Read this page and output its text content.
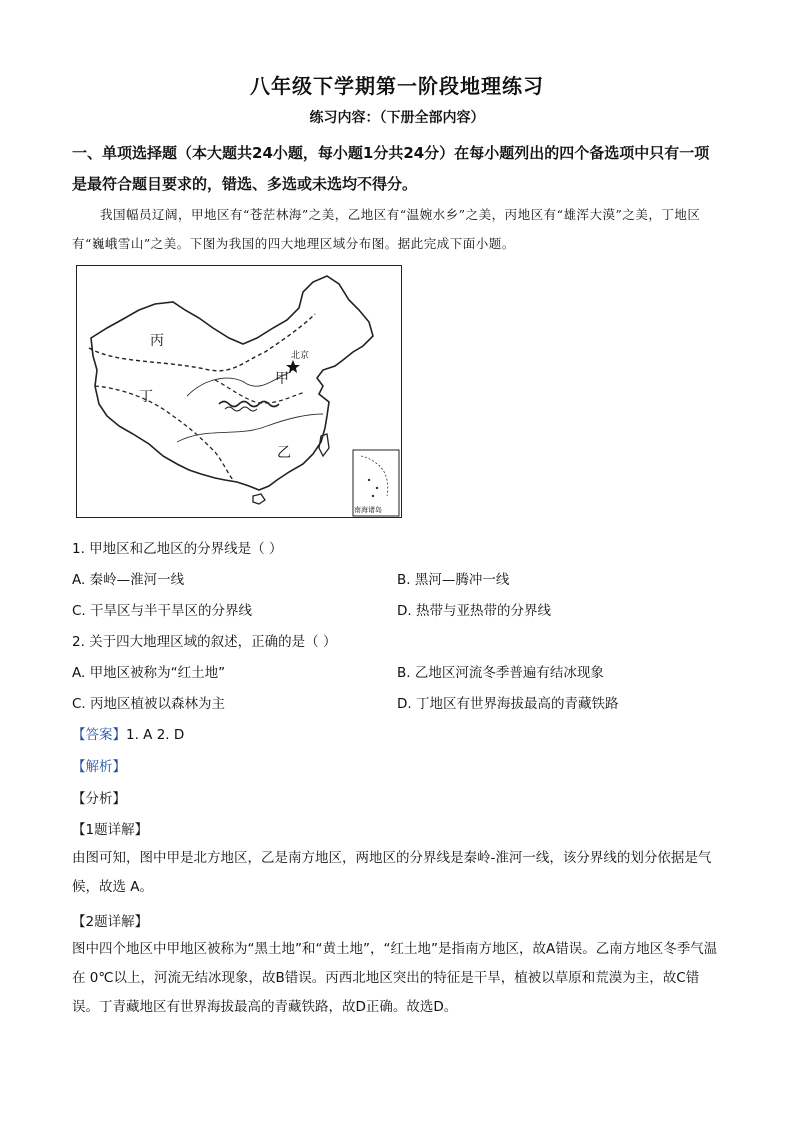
八年级下学期第一阶段地理练习
练习内容：（下册全部内容）
一、单项选择题（本大题共24小题，每小题1分共24分）在每小题列出的四个备选项中只有一项是最符合题目要求的，错选、多选或未选均不得分。
我国幅员辽阔，甲地区有“苍茫林海”之美，乙地区有“温婉水乡”之美，丙地区有“雄浑大漠”之美，丁地区有“巍峨雪山”之美。下图为我国的四大地理区域分布图。据此完成下面小题。
丙
丁
甲
乙
北京
南海诸岛
1. 甲地区和乙地区的分界线是（ ）
A. 秦岭—淮河一线	B. 黑河—腾冲一线
C. 干旱区与半干旱区的分界线	D. 热带与亚热带的分界线
2. 关于四大地理区域的叙述，正确的是（ ）
A. 甲地区被称为“红土地”	B. 乙地区河流冬季普遍有结冰现象
C. 丙地区植被以森林为主	D. 丁地区有世界海拔最高的青藏铁路
【答案】1. A 2. D
【解析】
【分析】
【1题详解】
由图可知，图中甲是北方地区，乙是南方地区，两地区的分界线是秦岭-淮河一线，该分界线的划分依据是气候，故选 A。
【2题详解】
图中四个地区中甲地区被称为“黑土地”和“黄土地”，“红土地”是指南方地区，故A错误。乙南方地区冬季气温在 0℃以上，河流无结冰现象，故B错误。丙西北地区突出的特征是干旱，植被以草原和荒漠为主，故C错误。丁青藏地区有世界海拔最高的青藏铁路，故D正确。故选D。
